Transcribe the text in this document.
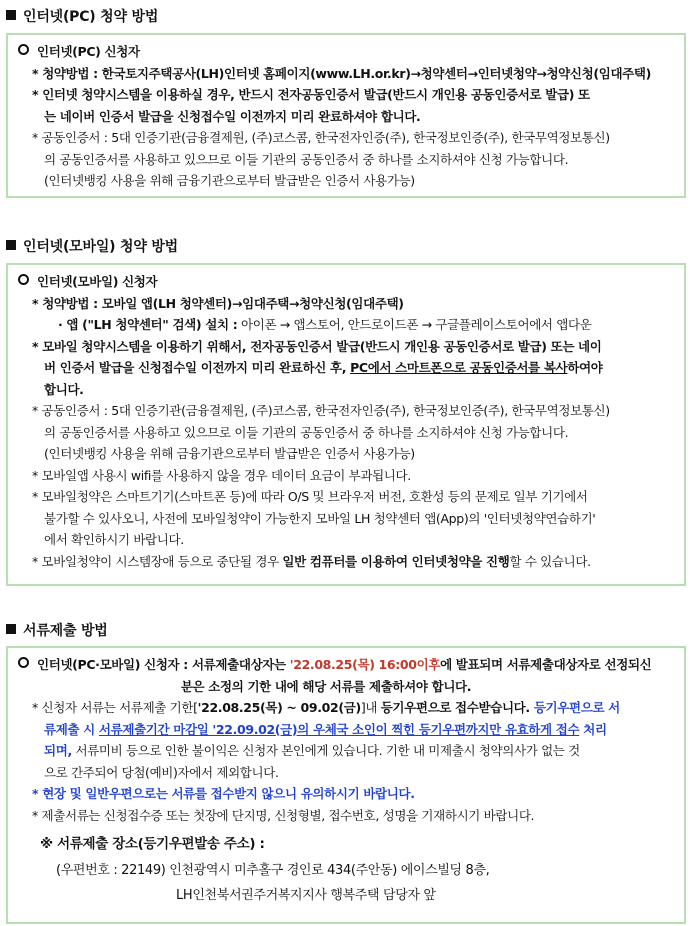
인터넷(PC) 청약 방법
인터넷(PC) 신청자
* 청약방법 : 한국토지주택공사(LH)인터넷 홈페이지(www.LH.or.kr)→청약센터→인터넷청약→청약신청(임대주택)
* 인터넷 청약시스템을 이용하실 경우, 반드시 전자공동인증서 발급(반드시 개인용 공동인증서로 발급) 또
는 네이버 인증서 발급을 신청접수일 이전까지 미리 완료하셔야 합니다.
* 공동인증서 : 5대 인증기관(금융결제원, (주)코스콤, 한국전자인증(주), 한국정보인증(주), 한국무역정보통신)
의 공동인증서를 사용하고 있으므로 이들 기관의 공동인증서 중 하나를 소지하셔야 신청 가능합니다.
(인터넷뱅킹 사용을 위해 금융기관으로부터 발급받은 인증서 사용가능)
인터넷(모바일) 청약 방법
인터넷(모바일) 신청자
* 청약방법 : 모바일 앱(LH 청약센터)→임대주택→청약신청(임대주택)
· 앱 ("LH 청약센터" 검색) 설치 : 아이폰 → 앱스토어, 안드로이드폰 → 구글플레이스토어에서 앱다운
* 모바일 청약시스템을 이용하기 위해서, 전자공동인증서 발급(반드시 개인용 공동인증서로 발급) 또는 네이
버 인증서 발급을 신청접수일 이전까지 미리 완료하신 후, PC에서 스마트폰으로 공동인증서를 복사하여야
합니다.
* 공동인증서 : 5대 인증기관(금융결제원, (주)코스콤, 한국전자인증(주), 한국정보인증(주), 한국무역정보통신)
의 공동인증서를 사용하고 있으므로 이들 기관의 공동인증서 중 하나를 소지하셔야 신청 가능합니다.
(인터넷뱅킹 사용을 위해 금융기관으로부터 발급받은 인증서 사용가능)
* 모바일앱 사용시 wifi를 사용하지 않을 경우 데이터 요금이 부과됩니다.
* 모바일청약은 스마트기기(스마트폰 등)에 따라 O/S 및 브라우저 버전, 호환성 등의 문제로 일부 기기에서
불가할 수 있사오니, 사전에 모바일청약이 가능한지 모바일 LH 청약센터 앱(App)의 '인터넷청약연습하기'
에서 확인하시기 바랍니다.
* 모바일청약이 시스템장애 등으로 중단될 경우 일반 컴퓨터를 이용하여 인터넷청약을 진행할 수 있습니다.
서류제출 방법
인터넷(PC·모바일) 신청자 : 서류제출대상자는 '22.08.25(목) 16:00이후에 발표되며 서류제출대상자로 선정되신
분은 소정의 기한 내에 해당 서류를 제출하셔야 합니다.
* 신청자 서류는 서류제출 기한['22.08.25(목) ~ 09.02(금)]내 등기우편으로 접수받습니다. 등기우편으로 서
류제출 시 서류제출기간 마감일 '22.09.02(금)의 우체국 소인이 찍힌 등기우편까지만 유효하게 접수 처리
되며, 서류미비 등으로 인한 불이익은 신청자 본인에게 있습니다. 기한 내 미제출시 청약의사가 없는 것
으로 간주되어 당첨(예비)자에서 제외합니다.
* 현장 및 일반우편으로는 서류를 접수받지 않으니 유의하시기 바랍니다.
* 제출서류는 신청접수증 또는 첫장에 단지명, 신청형별, 접수번호, 성명을 기재하시기 바랍니다.
※ 서류제출 장소(등기우편발송 주소) :
(우편번호 : 22149) 인천광역시 미추홀구 경인로 434(주안동) 에이스빌딩 8층,
LH인천북서권주거복지지사 행복주택 담당자 앞
